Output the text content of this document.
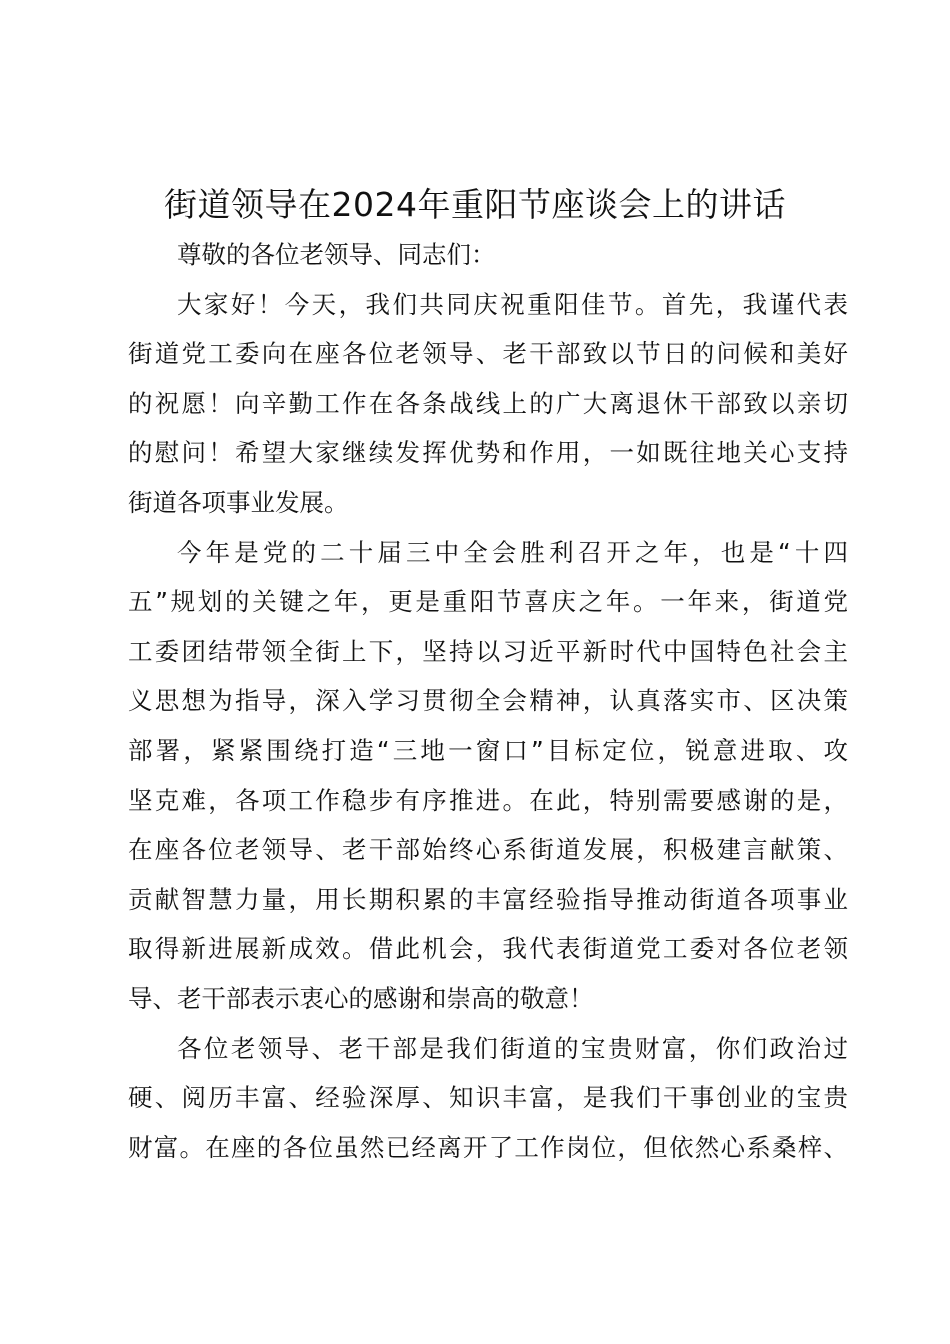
街道领导在2024年重阳节座谈会上的讲话
尊敬的各位老领导、同志们：
大家好！今天，我们共同庆祝重阳佳节。首先，我谨代表
街道党工委向在座各位老领导、老干部致以节日的问候和美好
的祝愿！向辛勤工作在各条战线上的广大离退休干部致以亲切
的慰问！希望大家继续发挥优势和作用，一如既往地关心支持
街道各项事业发展。
今年是党的二十届三中全会胜利召开之年，也是“十四
五”规划的关键之年，更是重阳节喜庆之年。一年来，街道党
工委团结带领全街上下，坚持以习近平新时代中国特色社会主
义思想为指导，深入学习贯彻全会精神，认真落实市、区决策
部署，紧紧围绕打造“三地一窗口”目标定位，锐意进取、攻
坚克难，各项工作稳步有序推进。在此，特别需要感谢的是，
在座各位老领导、老干部始终心系街道发展，积极建言献策、
贡献智慧力量，用长期积累的丰富经验指导推动街道各项事业
取得新进展新成效。借此机会，我代表街道党工委对各位老领
导、老干部表示衷心的感谢和崇高的敬意！
各位老领导、老干部是我们街道的宝贵财富，你们政治过
硬、阅历丰富、经验深厚、知识丰富，是我们干事创业的宝贵
财富。在座的各位虽然已经离开了工作岗位，但依然心系桑梓、
